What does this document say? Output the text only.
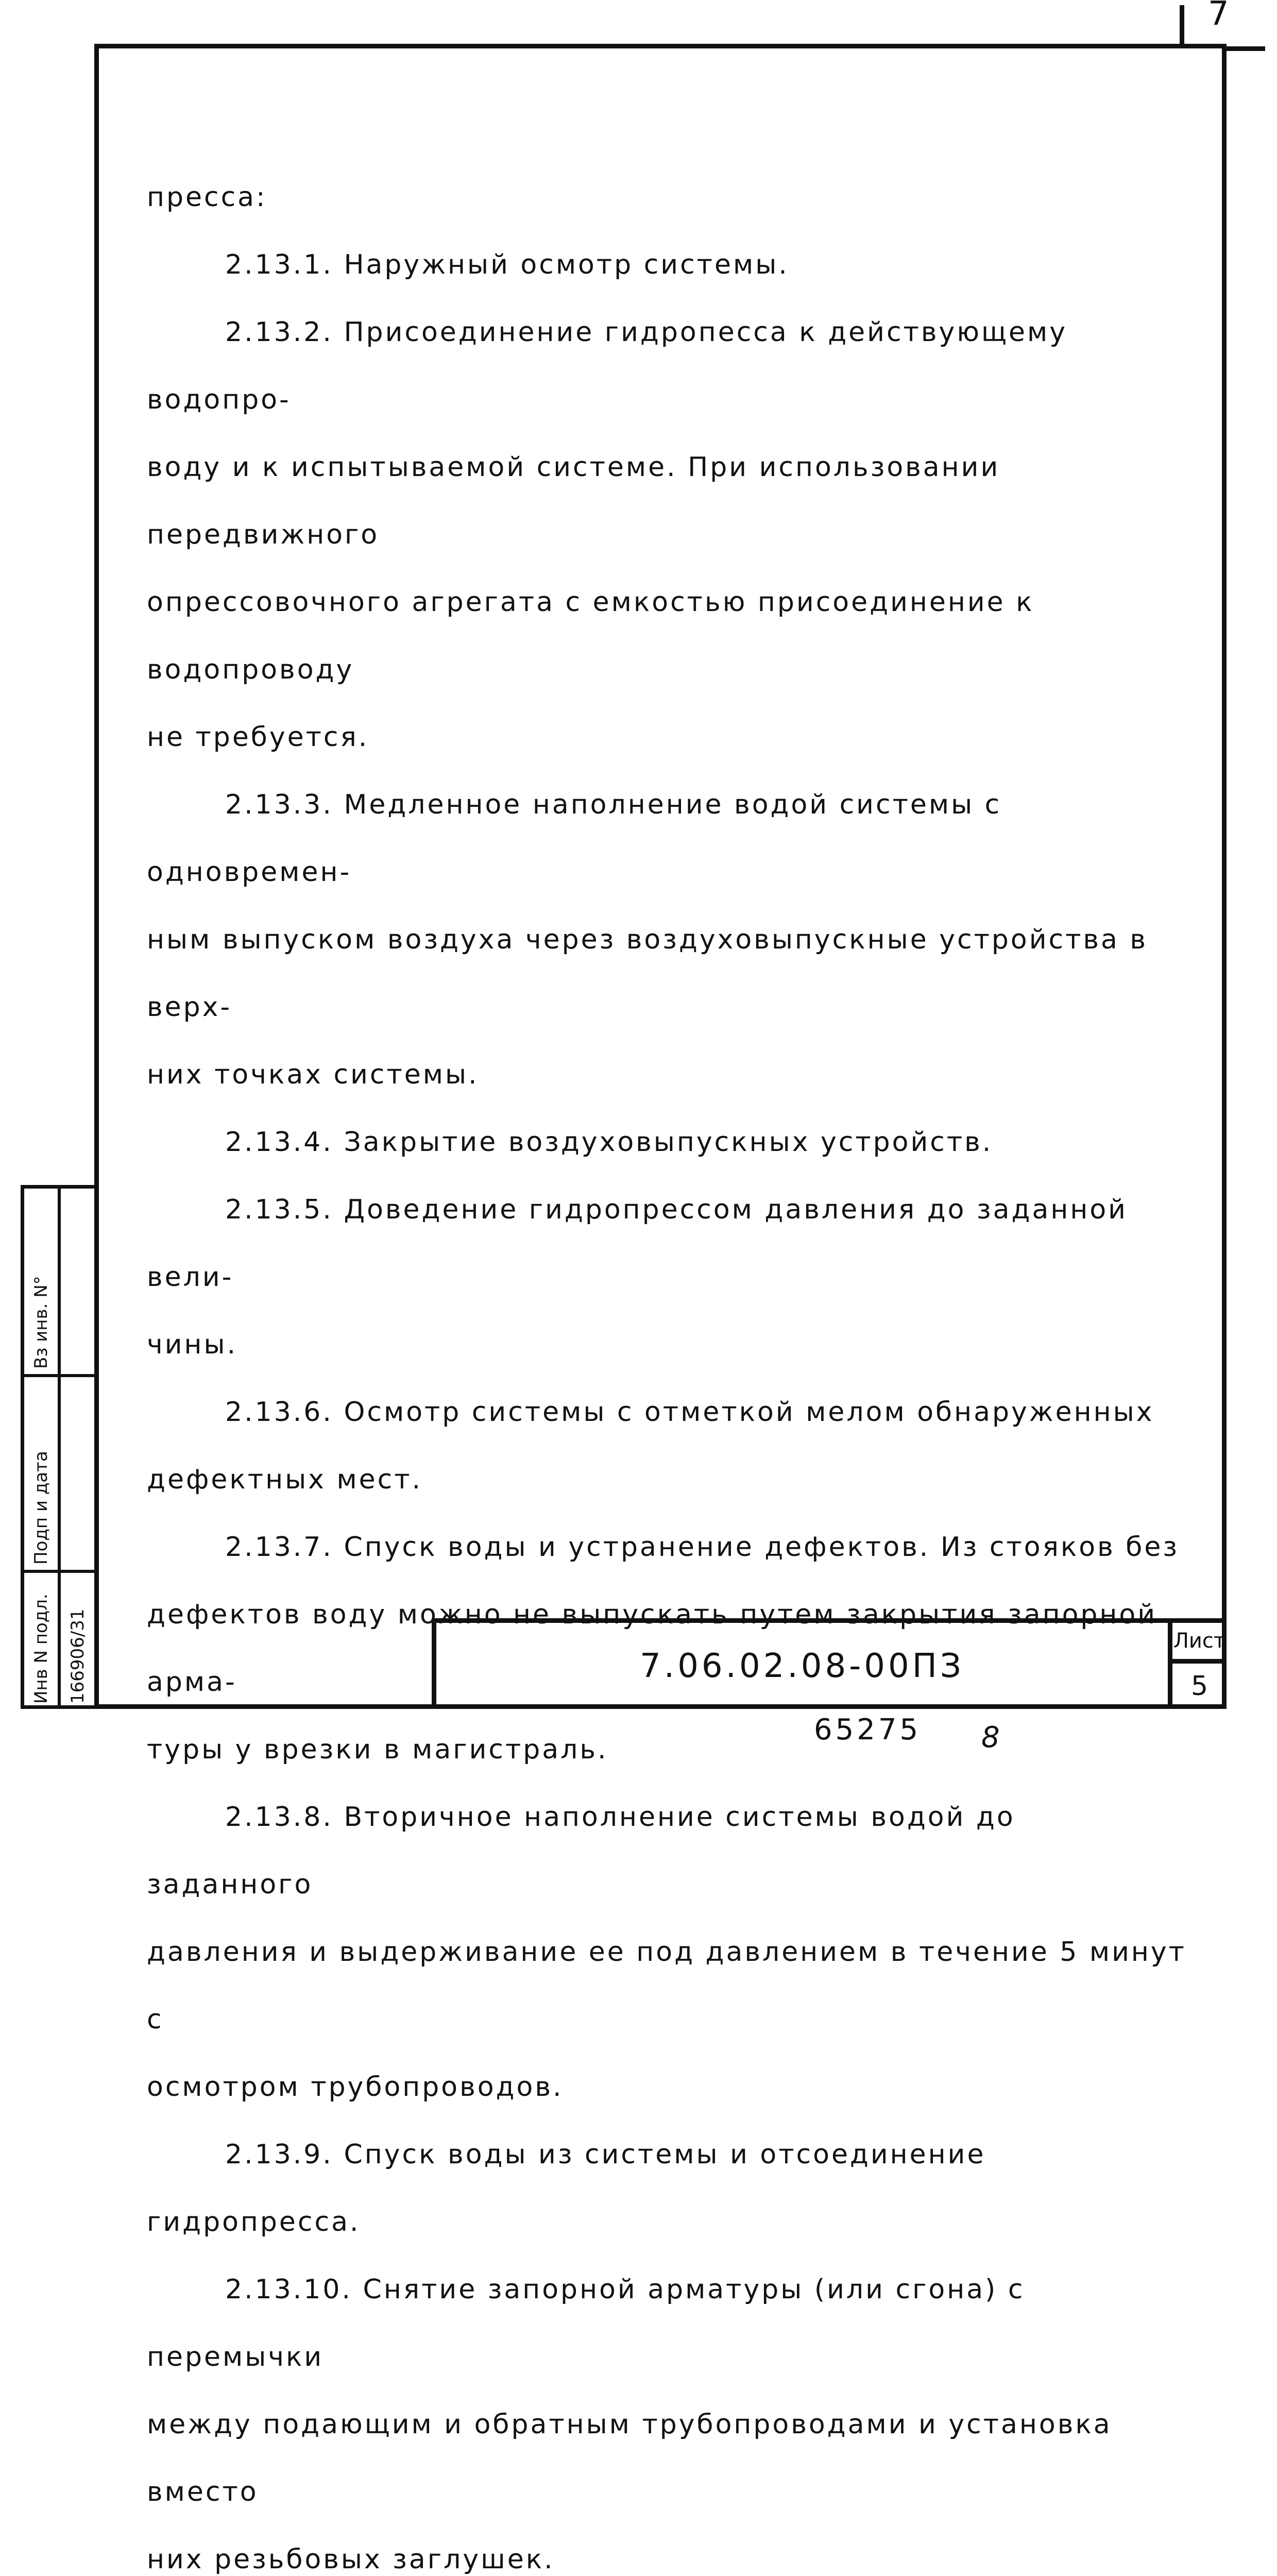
7

пресса:

2.13.1. Наружный осмотр системы.

2.13.2. Присоединение гидропесса к действующему водопро-

воду и к испытываемой системе. При использовании передвижного

опрессовочного агрегата с емкостью присоединение к водопроводу

не требуется.

2.13.3. Медленное наполнение водой системы с одновремен-

ным выпуском воздуха через воздуховыпускные устройства в верх-

них точках системы.

2.13.4. Закрытие воздуховыпускных устройств.

2.13.5. Доведение гидропрессом давления до заданной вели-

чины.

2.13.6. Осмотр системы с отметкой мелом обнаруженных

дефектных мест.

2.13.7. Спуск воды и устранение дефектов. Из стояков без

дефектов воду можно не выпускать путем закрытия запорной арма-

туры у врезки в магистраль.

2.13.8. Вторичное наполнение системы водой до заданного

давления и выдерживание ее под давлением в течение 5 минут с

осмотром трубопроводов.

2.13.9. Спуск воды из системы и отсоединение гидропресса.

2.13.10. Снятие запорной арматуры (или сгона) с перемычки

между подающим и обратным трубопроводами и установка вместо

них резьбовых заглушек.

7.06.02.08-00ПЗ
Лист
5
Инв N подл.
Подп и дата
Вз инв. N°
166906/31
65275 8
